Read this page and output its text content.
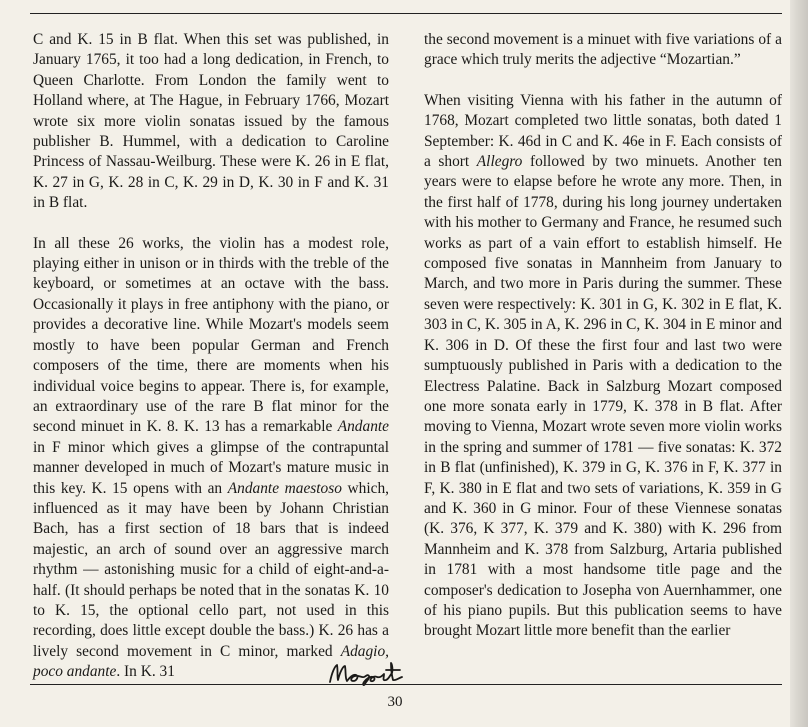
C and K. 15 in B flat. When this set was published, in January 1765, it too had a long dedication, in French, to Queen Charlotte. From London the family went to Holland where, at The Hague, in February 1766, Mozart wrote six more violin sonatas issued by the famous publisher B. Hummel, with a dedication to Caroline Princess of Nassau-Weilburg. These were K. 26 in E flat, K. 27 in G, K. 28 in C, K. 29 in D, K. 30 in F and K. 31 in B flat.

In all these 26 works, the violin has a modest role, playing either in unison or in thirds with the treble of the keyboard, or sometimes at an octave with the bass. Occasionally it plays in free antiphony with the piano, or provides a decorative line. While Mozart's models seem mostly to have been popular German and French composers of the time, there are moments when his individual voice begins to appear. There is, for example, an extraordinary use of the rare B flat minor for the second minuet in K. 8. K. 13 has a remarkable Andante in F minor which gives a glimpse of the contrapuntal manner developed in much of Mozart's mature music in this key. K. 15 opens with an Andante maestoso which, influenced as it may have been by Johann Christian Bach, has a first section of 18 bars that is indeed majestic, an arch of sound over an aggressive march rhythm — astonishing music for a child of eight-and-a-half. (It should perhaps be noted that in the sonatas K. 10 to K. 15, the optional cello part, not used in this recording, does little except double the bass.) K. 26 has a lively second movement in C minor, marked Adagio, poco andante. In K. 31

the second movement is a minuet with five variations of a grace which truly merits the adjective “Mozartian.”

When visiting Vienna with his father in the autumn of 1768, Mozart completed two little sonatas, both dated 1 September: K. 46d in C and K. 46e in F. Each consists of a short Allegro followed by two minuets. Another ten years were to elapse before he wrote any more. Then, in the first half of 1778, during his long journey undertaken with his mother to Germany and France, he resumed such works as part of a vain effort to establish himself. He composed five sonatas in Mannheim from January to March, and two more in Paris during the summer. These seven were respectively: K. 301 in G, K. 302 in E flat, K. 303 in C, K. 305 in A, K. 296 in C, K. 304 in E minor and K. 306 in D. Of these the first four and last two were sumptuously published in Paris with a dedication to the Electress Palatine. Back in Salzburg Mozart composed one more sonata early in 1779, K. 378 in B flat. After moving to Vienna, Mozart wrote seven more violin works in the spring and summer of 1781 — five sonatas: K. 372 in B flat (unfinished), K. 379 in G, K. 376 in F, K. 377 in F, K. 380 in E flat and two sets of variations, K. 359 in G and K. 360 in G minor. Four of these Viennese sonatas (K. 376, K 377, K. 379 and K. 380) with K. 296 from Mannheim and K. 378 from Salzburg, Artaria published in 1781 with a most handsome title page and the composer's dedication to Josepha von Auernhammer, one of his piano pupils. But this publication seems to have brought Mozart little more benefit than the earlier

30
